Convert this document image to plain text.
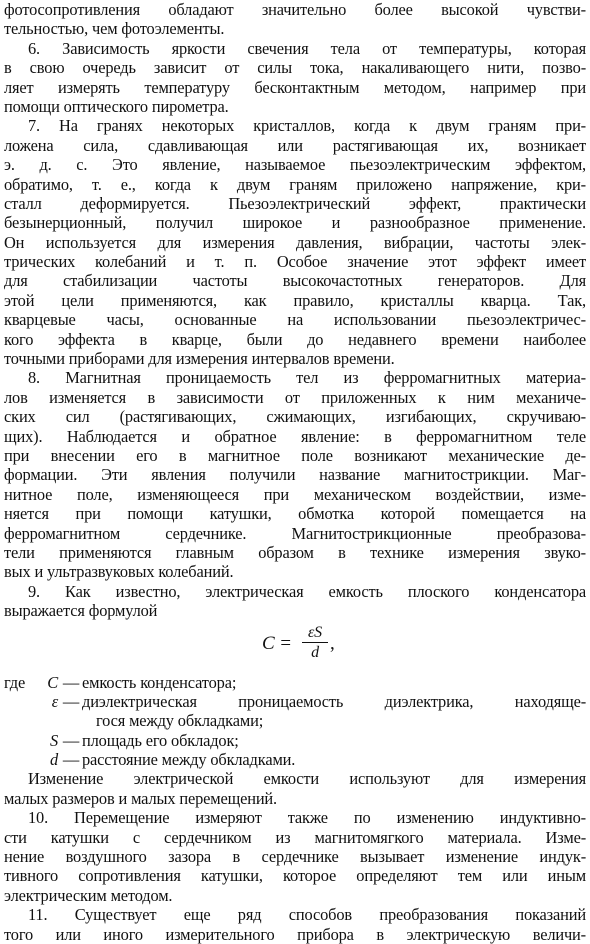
фотосопротивления обладают значительно более высокой чувстви-
тельностью, чем фотоэлементы.
6. Зависимость яркости свечения тела от температуры, которая
в свою очередь зависит от силы тока, накаливающего нити, позво-
ляет измерять температуру бесконтактным методом, например при
помощи оптического пирометра.
7. На гранях некоторых кристаллов, когда к двум граням при-
ложена сила, сдавливающая или растягивающая их, возникает
э. д. с. Это явление, называемое пьезоэлектрическим эффектом,
обратимо, т. е., когда к двум граням приложено напряжение, кри-
сталл деформируется. Пьезоэлектрический эффект, практически
безынерционный, получил широкое и разнообразное применение.
Он используется для измерения давления, вибрации, частоты элек-
трических колебаний и т. п. Особое значение этот эффект имеет
для стабилизации частоты высокочастотных генераторов. Для
этой цели применяются, как правило, кристаллы кварца. Так,
кварцевые часы, основанные на использовании пьезоэлектричес-
кого эффекта в кварце, были до недавнего времени наиболее
точными приборами для измерения интервалов времени.
8. Магнитная проницаемость тел из ферромагнитных материа-
лов изменяется в зависимости от приложенных к ним механиче-
ских сил (растягивающих, сжимающих, изгибающих, скручиваю-
щих). Наблюдается и обратное явление: в ферромагнитном теле
при внесении его в магнитное поле возникают механические де-
формации. Эти явления получили название магнитострикции. Маг-
нитное поле, изменяющееся при механическом воздействии, изме-
няется при помощи катушки, обмотка которой помещается на
ферромагнитном сердечнике. Магнитострикционные преобразова-
тели применяются главным образом в технике измерения звуко-
вых и ультразвуковых колебаний.
9. Как известно, электрическая емкость плоского конденсатора
выражается формулой
$C = \frac{\varepsilon S}{d}$ ,
где	C — емкость конденсатора;
ε — диэлектрическая проницаемость диэлектрика, находяще-
гося между обкладками;
S — площадь его обкладок;
d — расстояние между обкладками.
Изменение электрической емкости используют для измерения
малых размеров и малых перемещений.
10. Перемещение измеряют также по изменению индуктивно-
сти катушки с сердечником из магнитомягкого материала. Изме-
нение воздушного зазора в сердечнике вызывает изменение индук-
тивного сопротивления катушки, которое определяют тем или иным
электрическим методом.
11. Существует еще ряд способов преобразования показаний
того или иного измерительного прибора в электрическую величи-
